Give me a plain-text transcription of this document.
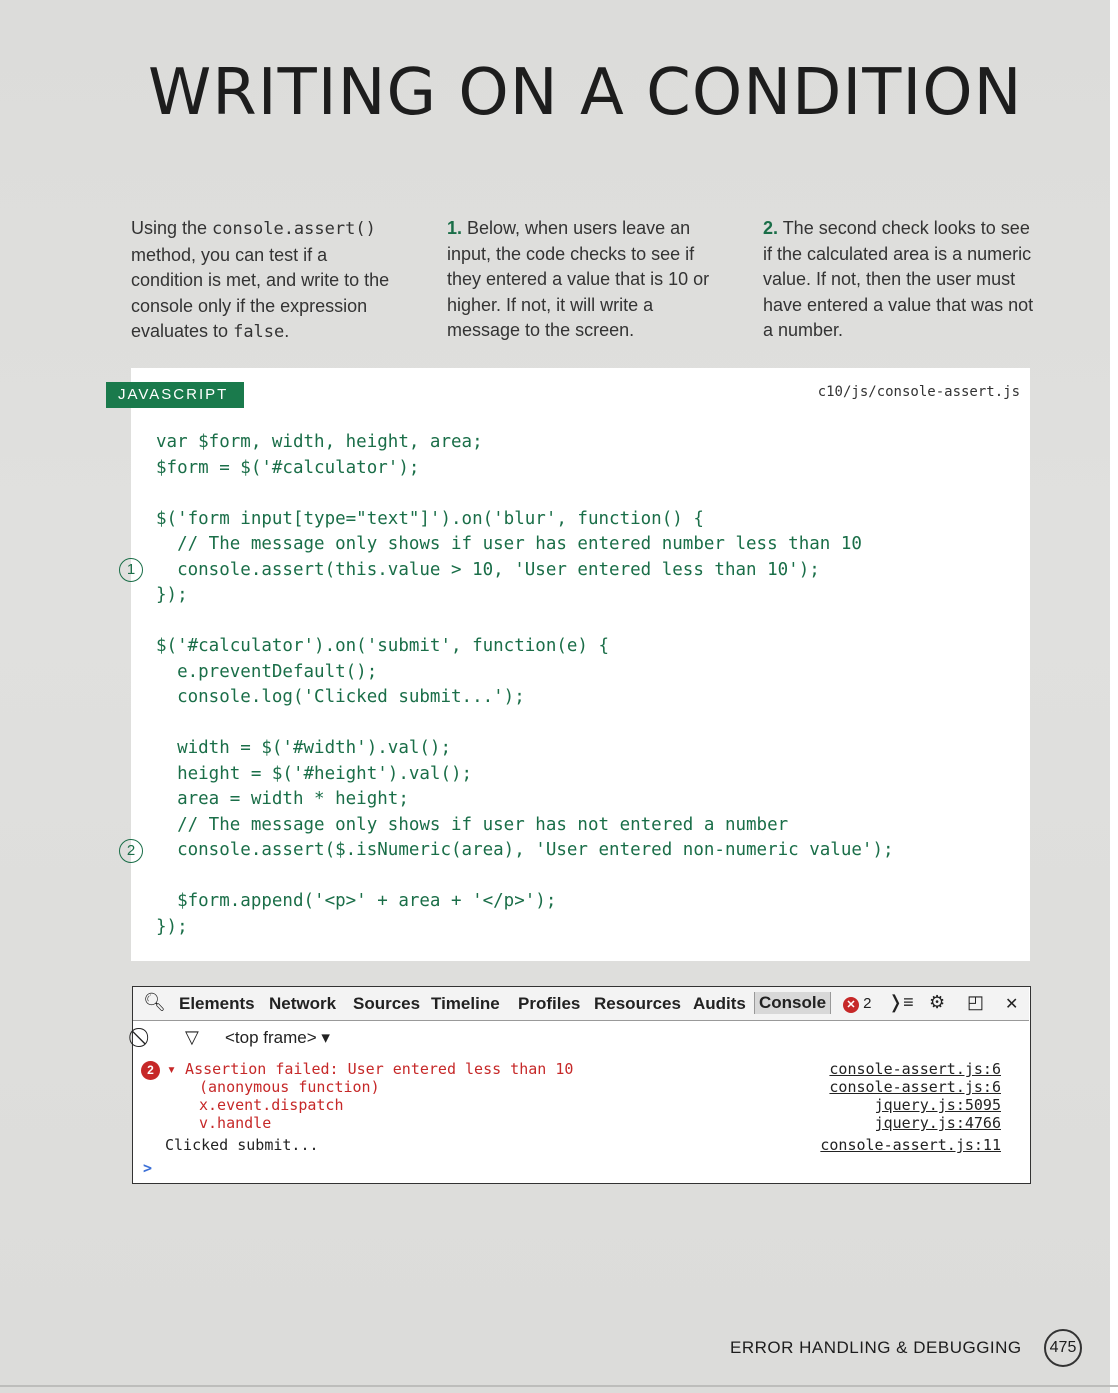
WRITING ON A CONDITION
Using the console.assert() method, you can test if a condition is met, and write to the console only if the expression evaluates to false.
1. Below, when users leave an input, the code checks to see if they entered a value that is 10 or higher. If not, it will write a message to the screen.
2. The second check looks to see if the calculated area is a numeric value. If not, then the user must have entered a value that was not a number.
JAVASCRIPT	c10/js/console-assert.js
var $form, width, height, area;
$form = $('#calculator');
$('form input[type="text"]').on('blur', function() {
// The message only shows if user has entered number less than 10
console.assert(this.value > 10, 'User entered less than 10');
});
$('#calculator').on('submit', function(e) {
e.preventDefault();
console.log('Clicked submit...');
width = $('#width').val();
height = $('#height').val();
area = width * height;
// The message only shows if user has not entered a number
console.assert($.isNumeric(area), 'User entered non-numeric value');
$form.append('<p>' + area + '</p>');
});
1
2
🔍︎ Elements Network Sources Timeline Profiles Resources Audits Console	✕ 2 ❭≡ ⚙ ◰ ✕
▽ <top frame> ▾
2 ▾ Assertion failed: User entered less than 10
(anonymous function)
x.event.dispatch
v.handle
Clicked submit...
>
console-assert.js:6
console-assert.js:6
jquery.js:5095
jquery.js:4766
console-assert.js:11
ERROR HANDLING & DEBUGGING	475
